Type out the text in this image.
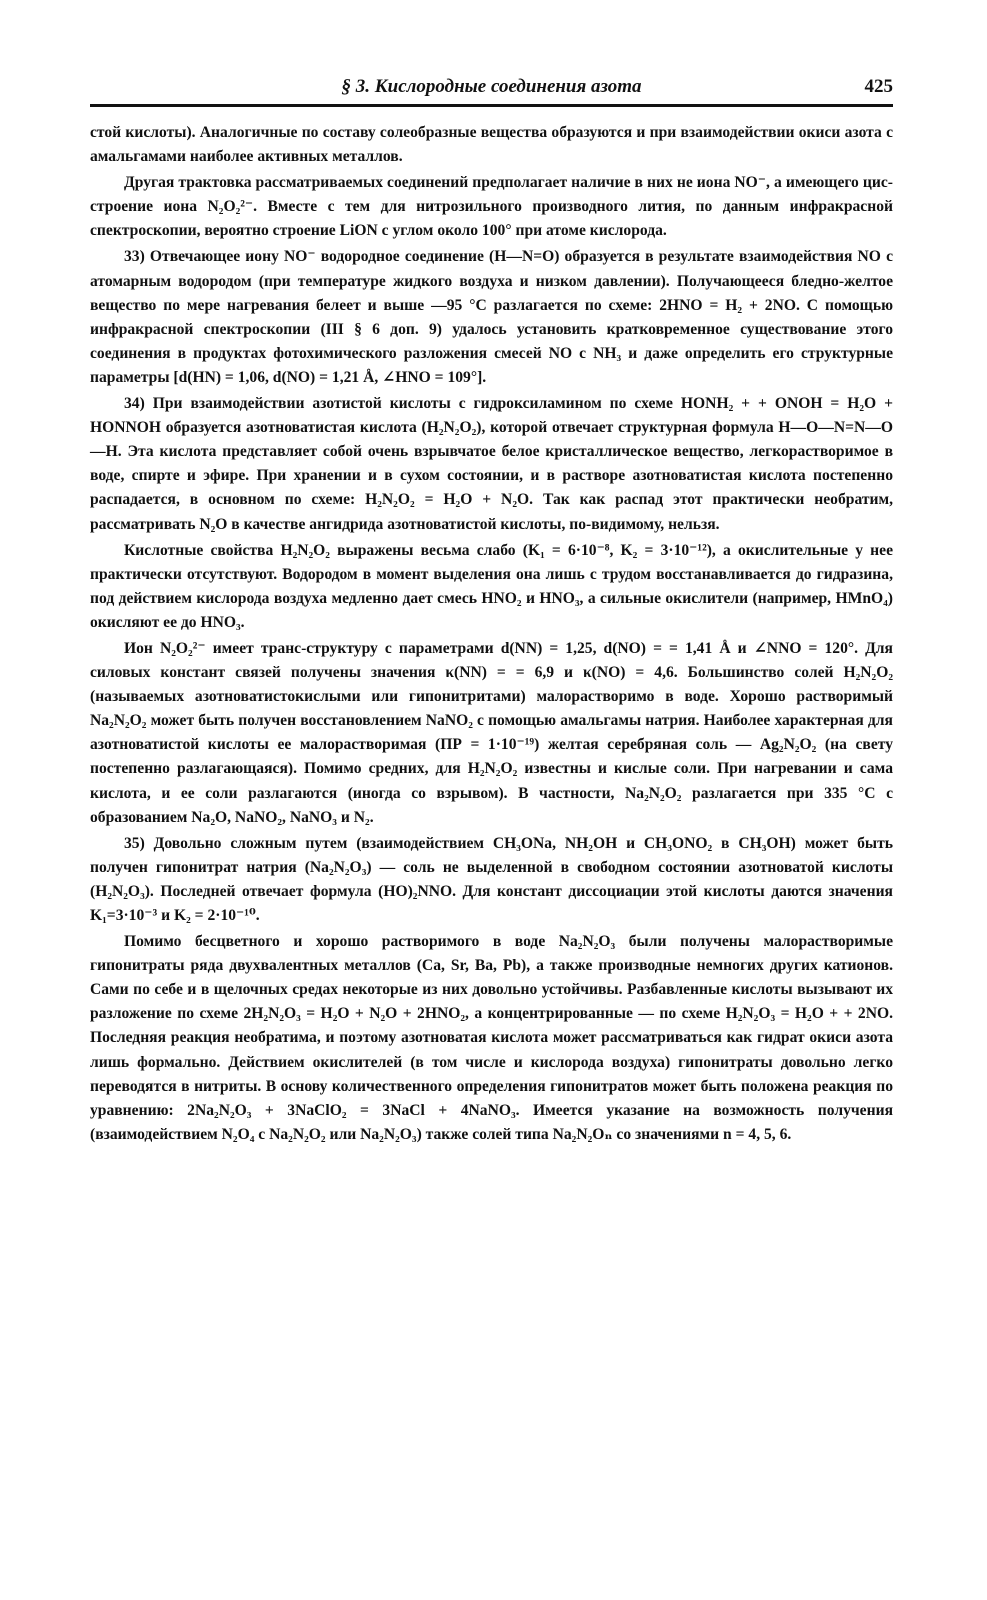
§ 3. Кислородные соединения азота	425

стой кислоты). Аналогичные по составу солеобразные вещества образуются и при взаимодействии окиси азота с амальгамами наиболее активных металлов.

Другая трактовка рассматриваемых соединений предполагает наличие в них не иона NO⁻, а имеющего цис-строение иона N₂O₂²⁻. Вместе с тем для нитрозильного производного лития, по данным инфракрасной спектроскопии, вероятно строение LiON с углом около 100° при атоме кислорода.

33) Отвечающее иону NO⁻ водородное соединение (H—N=O) образуется в результате взаимодействия NO с атомарным водородом (при температуре жидкого воздуха и низком давлении). Получающееся бледно-желтое вещество по мере нагревания белеет и выше —95 °C разлагается по схеме: 2HNO = H₂ + 2NO. С помощью инфракрасной спектроскопии (III § 6 доп. 9) удалось установить кратковременное существование этого соединения в продуктах фотохимического разложения смесей NO с NH₃ и даже определить его структурные параметры [d(HN) = 1,06, d(NO) = 1,21 Å, ∠HNO = 109°].

34) При взаимодействии азотистой кислоты с гидроксиламином по схеме HONH₂ + + ONOH = H₂O + HONNOH образуется азотноватистая кислота (H₂N₂O₂), которой отвечает структурная формула H—O—N=N—O—H. Эта кислота представляет собой очень взрывчатое белое кристаллическое вещество, легкорастворимое в воде, спирте и эфире. При хранении и в сухом состоянии, и в растворе азотноватистая кислота постепенно распадается, в основном по схеме: H₂N₂O₂ = H₂O + N₂O. Так как распад этот практически необратим, рассматривать N₂O в качестве ангидрида азотноватистой кислоты, по-видимому, нельзя.

Кислотные свойства H₂N₂O₂ выражены весьма слабо (K₁ = 6·10⁻⁸, K₂ = 3·10⁻¹²), а окислительные у нее практически отсутствуют. Водородом в момент выделения она лишь с трудом восстанавливается до гидразина, под действием кислорода воздуха медленно дает смесь HNO₂ и HNO₃, а сильные окислители (например, HMnO₄) окисляют ее до HNO₃.

Ион N₂O₂²⁻ имеет транс-структуру с параметрами d(NN) = 1,25, d(NO) = = 1,41 Å и ∠NNO = 120°. Для силовых констант связей получены значения κ(NN) = = 6,9 и κ(NO) = 4,6. Большинство солей H₂N₂O₂ (называемых азотноватистокислыми или гипонитритами) малорастворимо в воде. Хорошо растворимый Na₂N₂O₂ может быть получен восстановлением NaNO₂ с помощью амальгамы натрия. Наиболее характерная для азотноватистой кислоты ее малорастворимая (ПР = 1·10⁻¹⁹) желтая серебряная соль — Ag₂N₂O₂ (на свету постепенно разлагающаяся). Помимо средних, для H₂N₂O₂ известны и кислые соли. При нагревании и сама кислота, и ее соли разлагаются (иногда со взрывом). В частности, Na₂N₂O₂ разлагается при 335 °C с образованием Na₂O, NaNO₂, NaNO₃ и N₂.

35) Довольно сложным путем (взаимодействием CH₃ONa, NH₂OH и CH₃ONO₂ в CH₃OH) может быть получен гипонитрат натрия (Na₂N₂O₃) — соль не выделенной в свободном состоянии азотноватой кислоты (H₂N₂O₃). Последней отвечает формула (HO)₂NNO. Для констант диссоциации этой кислоты даются значения K₁=3·10⁻³ и K₂ = 2·10⁻¹⁰.

Помимо бесцветного и хорошо растворимого в воде Na₂N₂O₃ были получены малорастворимые гипонитраты ряда двухвалентных металлов (Ca, Sr, Ba, Pb), а также производные немногих других катионов. Сами по себе и в щелочных средах некоторые из них довольно устойчивы. Разбавленные кислоты вызывают их разложение по схеме 2H₂N₂O₃ = H₂O + N₂O + 2HNO₂, а концентрированные — по схеме H₂N₂O₃ = H₂O + + 2NO. Последняя реакция необратима, и поэтому азотноватая кислота может рассматриваться как гидрат окиси азота лишь формально. Действием окислителей (в том числе и кислорода воздуха) гипонитраты довольно легко переводятся в нитриты. В основу количественного определения гипонитратов может быть положена реакция по уравнению: 2Na₂N₂O₃ + 3NaClO₂ = 3NaCl + 4NaNO₃. Имеется указание на возможность получения (взаимодействием N₂O₄ с Na₂N₂O₂ или Na₂N₂O₃) также солей типа Na₂N₂Oₙ со значениями n = 4, 5, 6.
